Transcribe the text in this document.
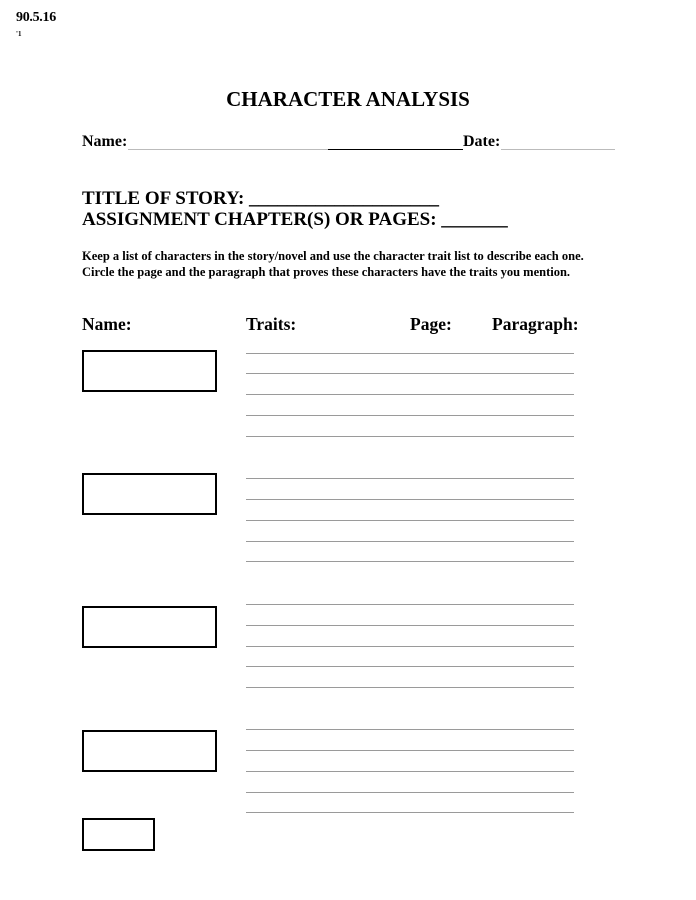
90.5.16
'1
CHARACTER ANALYSIS
Name:	Date:
TITLE OF STORY: ____________________
ASSIGNMENT CHAPTER(S) OR PAGES: _______
Keep a list of characters in the story/novel and use the character trait list to describe each one. Circle the page and the paragraph that proves these characters have the traits you mention.
Name:	Traits:	Page: Paragraph:
